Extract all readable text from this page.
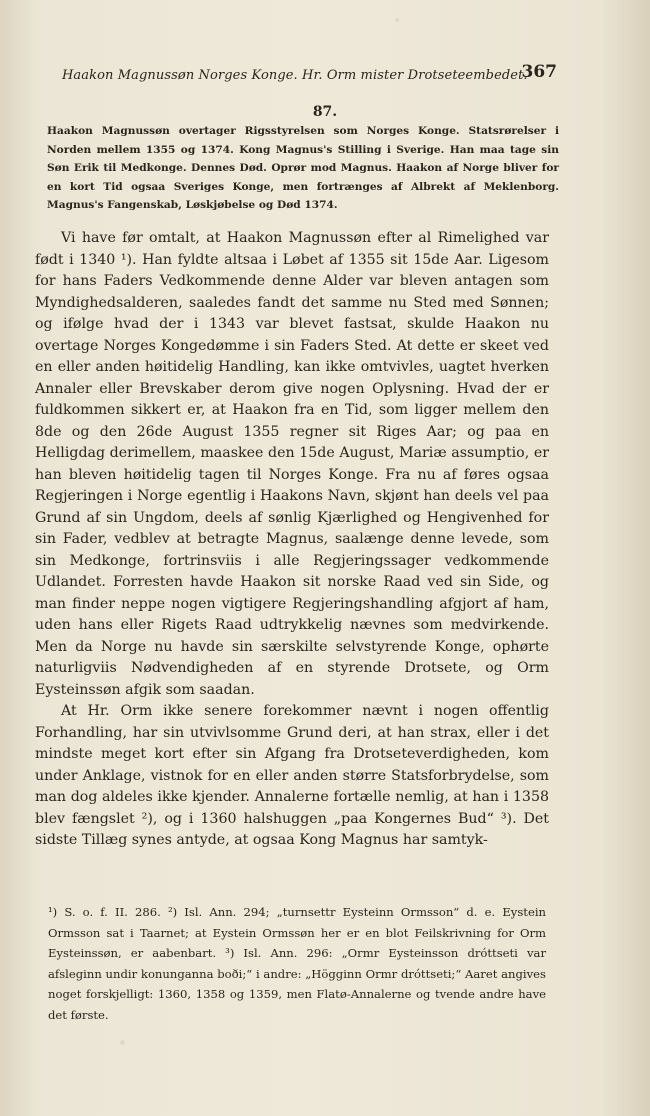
Haakon Magnussøn Norges Konge. Hr. Orm mister Drotseteembedet.
367
87.
Haakon Magnussøn overtager Rigsstyrelsen som Norges Konge. Statsrørelser i Norden mellem 1355 og 1374. Kong Magnus's Stilling i Sverige. Han maa tage sin Søn Erik til Medkonge. Dennes Død. Oprør mod Magnus. Haakon af Norge bliver for en kort Tid ogsaa Sveriges Konge, men fortrænges af Albrekt af Meklenborg. Magnus's Fangenskab, Løskjøbelse og Død 1374.

Vi have før omtalt, at Haakon Magnussøn efter al Rimelighed var født i 1340 ¹). Han fyldte altsaa i Løbet af 1355 sit 15de Aar. Ligesom for hans Faders Vedkommende denne Alder var bleven antagen som Myndighedsalderen, saaledes fandt det samme nu Sted med Sønnen; og ifølge hvad der i 1343 var blevet fastsat, skulde Haakon nu overtage Norges Kongedømme i sin Faders Sted. At dette er skeet ved en eller anden høitidelig Handling, kan ikke omtvivles, uagtet hverken Annaler eller Brevskaber derom give nogen Oplysning. Hvad der er fuldkommen sikkert er, at Haakon fra en Tid, som ligger mellem den 8de og den 26de August 1355 regner sit Riges Aar; og paa en Helligdag derimellem, maaskee den 15de August, Mariæ assumptio, er han bleven høitidelig tagen til Norges Konge. Fra nu af føres ogsaa Regjeringen i Norge egentlig i Haakons Navn, skjønt han deels vel paa Grund af sin Ungdom, deels af sønlig Kjærlighed og Hengivenhed for sin Fader, vedblev at betragte Magnus, saalænge denne levede, som sin Medkonge, fortrinsviis i alle Regjeringssager vedkommende Udlandet. Forresten havde Haakon sit norske Raad ved sin Side, og man finder neppe nogen vigtigere Regjeringshandling afgjort af ham, uden hans eller Rigets Raad udtrykkelig nævnes som medvirkende. Men da Norge nu havde sin særskilte selvstyrende Konge, ophørte naturligviis Nødvendigheden af en styrende Drotsete, og Orm Eysteinssøn afgik som saadan.

At Hr. Orm ikke senere forekommer nævnt i nogen offentlig Forhandling, har sin utvivlsomme Grund deri, at han strax, eller i det mindste meget kort efter sin Afgang fra Drotseteverdigheden, kom under Anklage, vistnok for en eller anden større Statsforbrydelse, som man dog aldeles ikke kjender. Annalerne fortælle nemlig, at han i 1358 blev fængslet ²), og i 1360 halshuggen „paa Kongernes Bud“ ³). Det sidste Tillæg synes antyde, at ogsaa Kong Magnus har samtyk-

¹) S. o. f. II. 286. ²) Isl. Ann. 294; „turnsettr Eysteinn Ormsson“ d. e. Eystein Ormsson sat i Taarnet; at Eystein Ormssøn her er en blot Feilskrivning for Orm Eysteinssøn, er aabenbart. ³) Isl. Ann. 296: „Ormr Eysteinsson dróttseti var afsleginn undir konunganna boði;“ i andre: „Hӧgginn Ormr dróttseti;“ Aaret angives noget forskjelligt: 1360, 1358 og 1359, men Flatø-Annalerne og tvende andre have det første.
